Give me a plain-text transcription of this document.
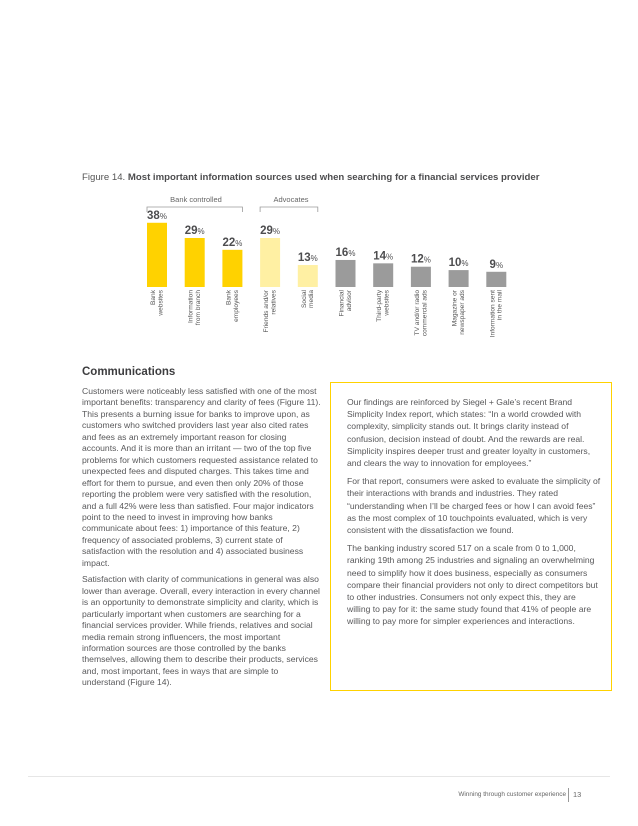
Figure 14. Most important information sources used when searching for a financial services provider
Bank controlled	Advocates
38%
29%
22%
29%
13% 16% 14% 12% 10% 9%
Bankwebsites	Informationfrom branch	Bankemployees	Friends and/orrelatives	Socialmedia	Financialadvisor	Third-partywebsites	TV and/or radiocommercial ads	Magazine ornewspaper ads	Information sentin the mail
Communications

Customers were noticeably less satisfied with one of the most important benefits: transparency and clarity of fees (Figure 11). This presents a burning issue for banks to improve upon, as customers who switched providers last year also cited rates and fees as an extremely important reason for closing accounts. And it is more than an irritant — two of the top five problems for which customers requested assistance related to unexpected fees and disputed charges. This takes time and effort for them to pursue, and even then only 20% of those reporting the problem were very satisfied with the resolution, and a full 42% were less than satisfied. Four major indicators point to the need to invest in improving how banks communicate about fees: 1) importance of this feature, 2) frequency of associated problems, 3) current state of satisfaction with the resolution and 4) associated business impact.

Satisfaction with clarity of communications in general was also lower than average. Overall, every interaction in every channel is an opportunity to demonstrate simplicity and clarity, which is particularly important when customers are searching for a financial services provider. While friends, relatives and social media remain strong influencers, the most important information sources are those controlled by the banks themselves, allowing them to describe their products, services and, most important, fees in ways that are simple to understand (Figure 14).

Our findings are reinforced by Siegel + Gale’s recent Brand Simplicity Index report, which states: “In a world crowded with complexity, simplicity stands out. It brings clarity instead of confusion, decision instead of doubt. And the rewards are real. Simplicity inspires deeper trust and greater loyalty in customers, and clears the way to innovation for employees.”

For that report, consumers were asked to evaluate the simplicity of their interactions with brands and industries. They rated “understanding when I’ll be charged fees or how I can avoid fees” as the most complex of 10 touchpoints evaluated, which is very consistent with the dissatisfaction we found.

The banking industry scored 517 on a scale from 0 to 1,000, ranking 19th among 25 industries and signaling an overwhelming need to simplify how it does business, especially as consumers compare their financial providers not only to direct competitors but to other industries. Consumers not only expect this, they are willing to pay for it: the same study found that 41% of people are willing to pay more for simpler experiences and interactions.

Winning through customer experience 13
